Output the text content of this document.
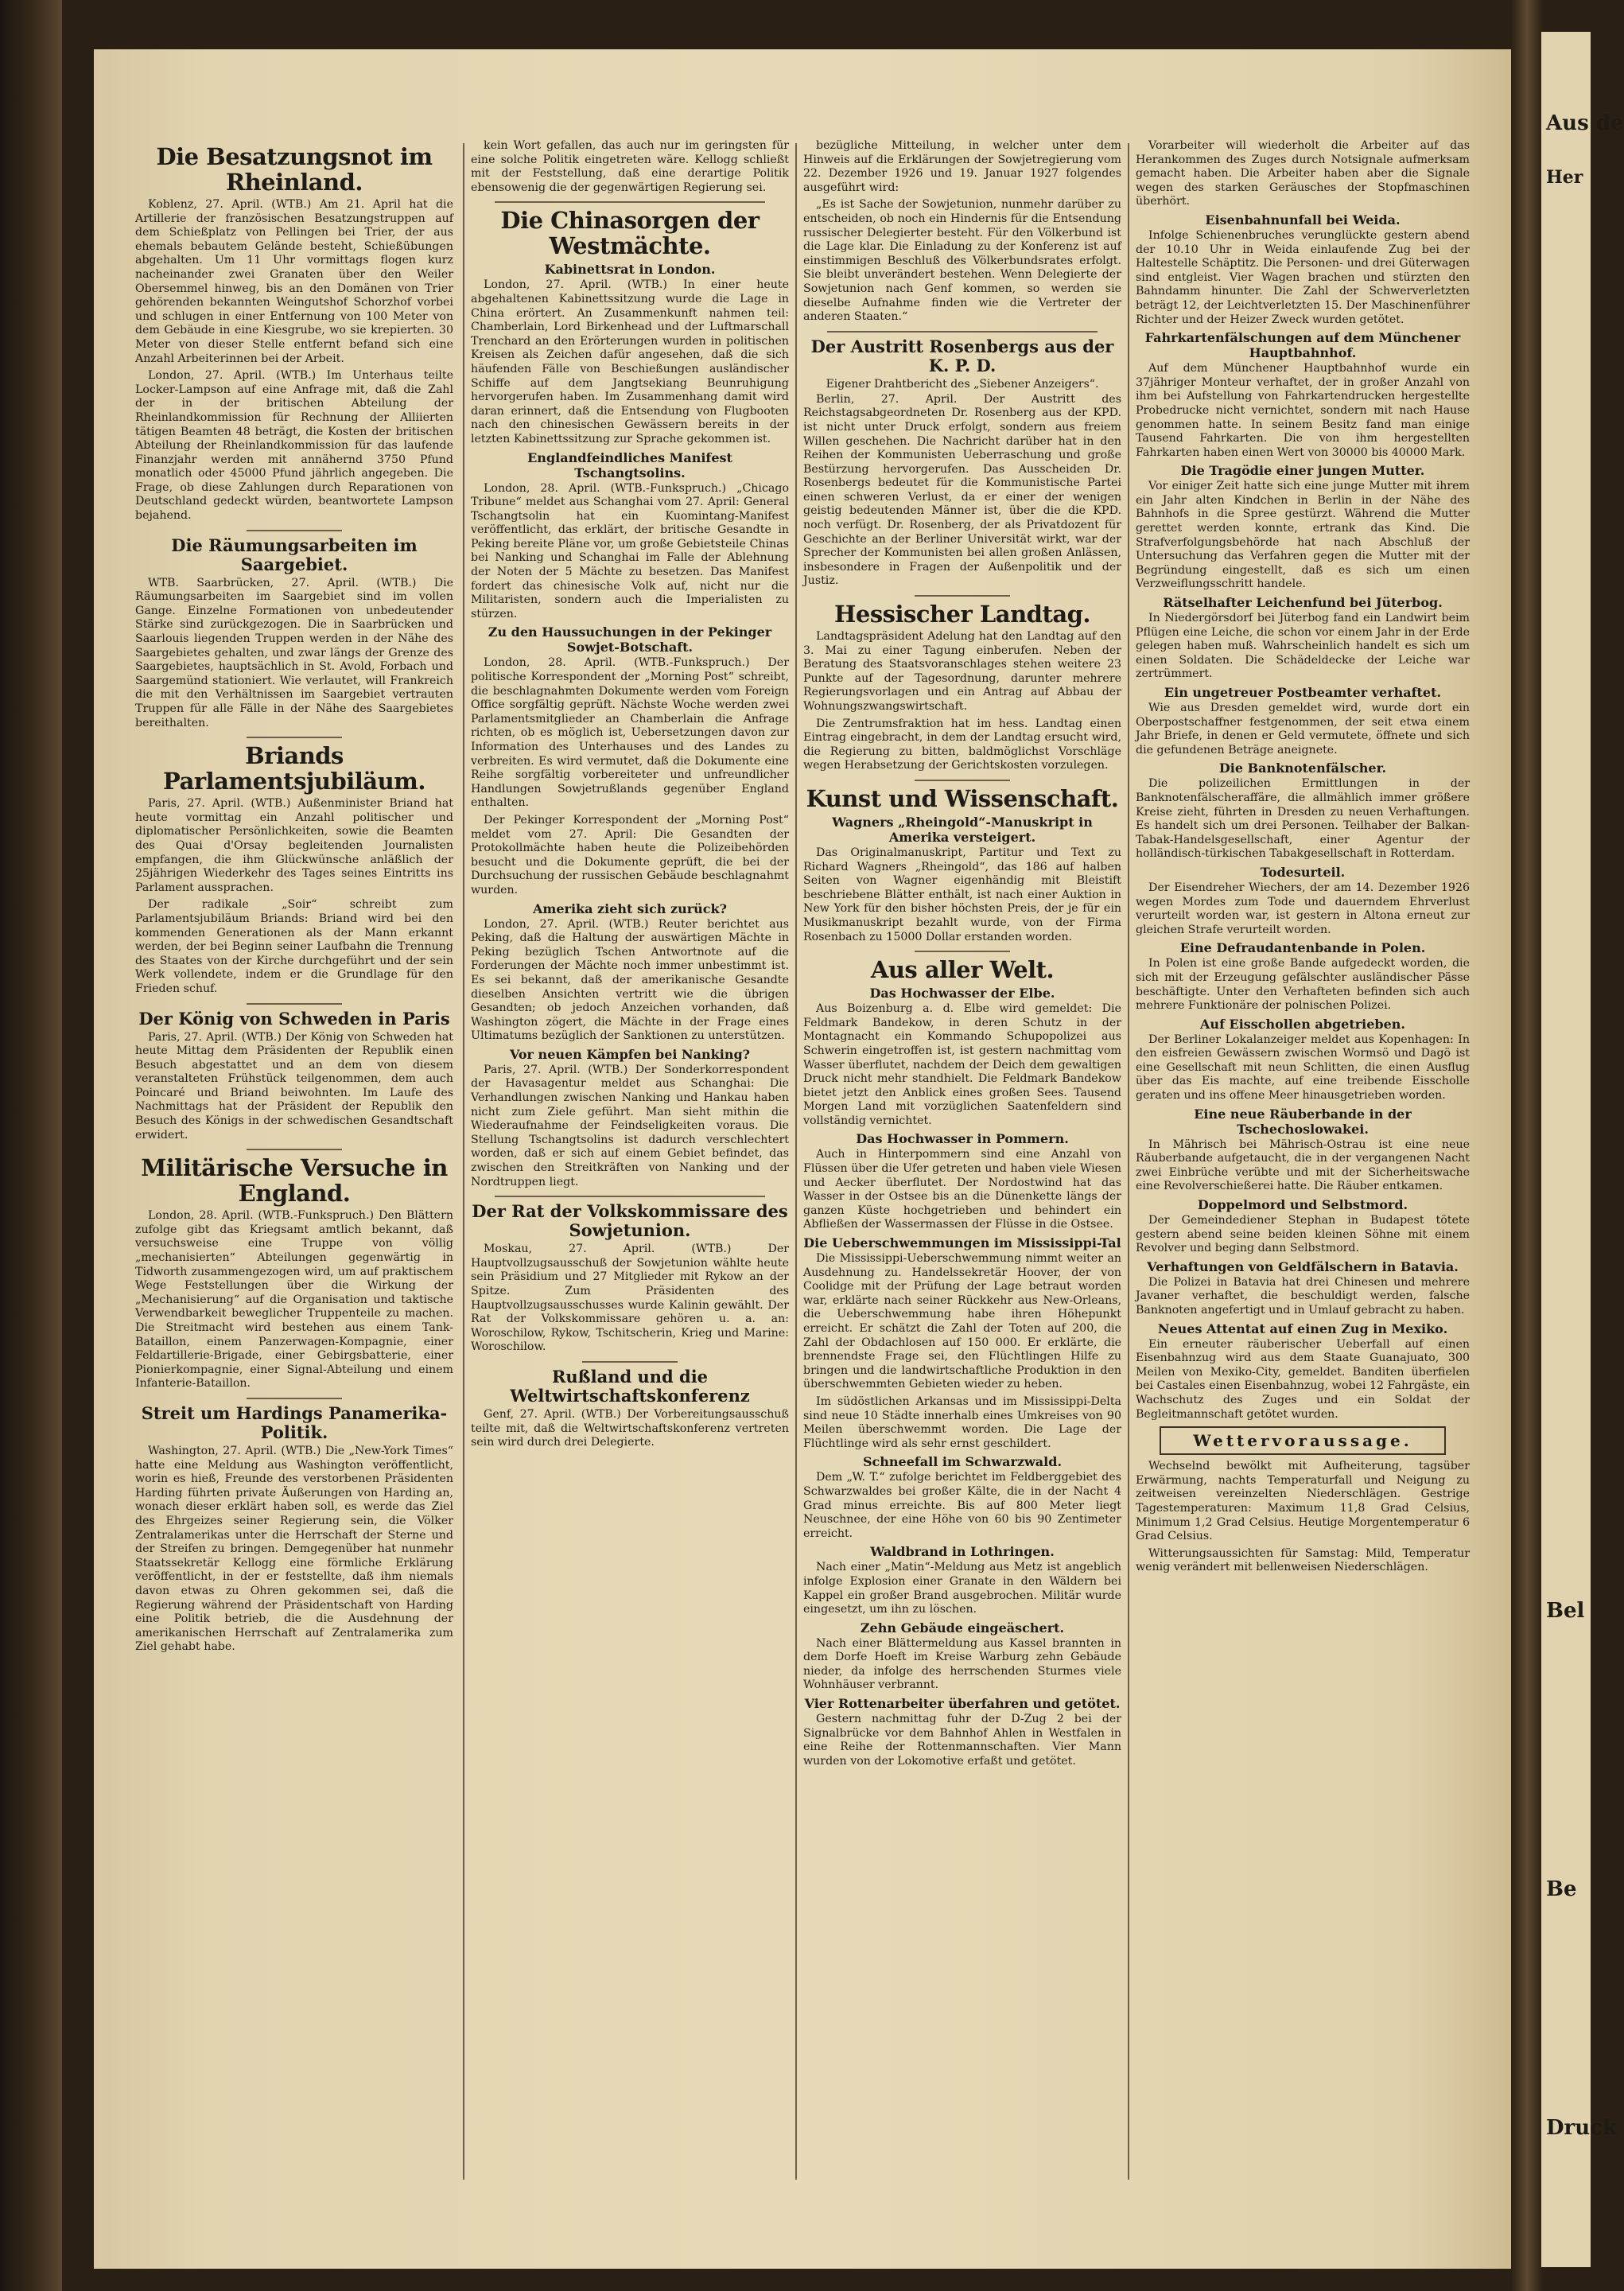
Aus de
Her
Bel
Be
Druck
Die Besatzungsnot im Rheinland.

Koblenz, 27. April. (WTB.) Am 21. April hat die Artillerie der französischen Besatzungstruppen auf dem Schießplatz von Pellingen bei Trier, der aus ehemals bebautem Gelände besteht, Schießübungen abgehalten. Um 11 Uhr vormittags flogen kurz nacheinander zwei Granaten über den Weiler Obersemmel hinweg, bis an den Domänen von Trier gehörenden bekannten Weingutshof Schorzhof vorbei und schlugen in einer Entfernung von 100 Meter von dem Gebäude in eine Kiesgrube, wo sie krepierten. 30 Meter von dieser Stelle entfernt befand sich eine Anzahl Arbeiterinnen bei der Arbeit.

London, 27. April. (WTB.) Im Unterhaus teilte Locker-Lampson auf eine Anfrage mit, daß die Zahl der in der britischen Abteilung der Rheinlandkommission für Rechnung der Alliierten tätigen Beamten 48 beträgt, die Kosten der britischen Abteilung der Rheinlandkommission für das laufende Finanzjahr werden mit annähernd 3750 Pfund monatlich oder 45000 Pfund jährlich angegeben. Die Frage, ob diese Zahlungen durch Reparationen von Deutschland gedeckt würden, beantwortete Lampson bejahend.

Die Räumungsarbeiten im Saargebiet.

WTB. Saarbrücken, 27. April. (WTB.) Die Räumungsarbeiten im Saargebiet sind im vollen Gange. Einzelne Formationen von unbedeutender Stärke sind zurückgezogen. Die in Saarbrücken und Saarlouis liegenden Truppen werden in der Nähe des Saargebietes gehalten, und zwar längs der Grenze des Saargebietes, hauptsächlich in St. Avold, Forbach und Saargemünd stationiert. Wie verlautet, will Frankreich die mit den Verhältnissen im Saargebiet vertrauten Truppen für alle Fälle in der Nähe des Saargebietes bereithalten.

Briands Parlamentsjubiläum.

Paris, 27. April. (WTB.) Außenminister Briand hat heute vormittag ein Anzahl politischer und diplomatischer Persönlichkeiten, sowie die Beamten des Quai d'Orsay begleitenden Journalisten empfangen, die ihm Glückwünsche anläßlich der 25jährigen Wiederkehr des Tages seines Eintritts ins Parlament aussprachen.

Der radikale „Soir“ schreibt zum Parlamentsjubiläum Briands: Briand wird bei den kommenden Generationen als der Mann erkannt werden, der bei Beginn seiner Laufbahn die Trennung des Staates von der Kirche durchgeführt und der sein Werk vollendete, indem er die Grundlage für den Frieden schuf.

Der König von Schweden in Paris

Paris, 27. April. (WTB.) Der König von Schweden hat heute Mittag dem Präsidenten der Republik einen Besuch abgestattet und an dem von diesem veranstalteten Frühstück teilgenommen, dem auch Poincaré und Briand beiwohnten. Im Laufe des Nachmittags hat der Präsident der Republik den Besuch des Königs in der schwedischen Gesandtschaft erwidert.

Militärische Versuche in England.

London, 28. April. (WTB.-Funkspruch.) Den Blättern zufolge gibt das Kriegsamt amtlich bekannt, daß versuchsweise eine Truppe von völlig „mechanisierten“ Abteilungen gegenwärtig in Tidworth zusammengezogen wird, um auf praktischem Wege Feststellungen über die Wirkung der „Mechanisierung“ auf die Organisation und taktische Verwendbarkeit beweglicher Truppenteile zu machen. Die Streitmacht wird bestehen aus einem Tank-Bataillon, einem Panzerwagen-Kompagnie, einer Feldartillerie-Brigade, einer Gebirgsbatterie, einer Pionierkompagnie, einer Signal-Abteilung und einem Infanterie-Bataillon.

Streit um Hardings Panamerika-Politik.

Washington, 27. April. (WTB.) Die „New-York Times“ hatte eine Meldung aus Washington veröffentlicht, worin es hieß, Freunde des verstorbenen Präsidenten Harding führten private Äußerungen von Harding an, wonach dieser erklärt haben soll, es werde das Ziel des Ehrgeizes seiner Regierung sein, die Völker Zentralamerikas unter die Herrschaft der Sterne und der Streifen zu bringen. Demgegenüber hat nunmehr Staatssekretär Kellogg eine förmliche Erklärung veröffentlicht, in der er feststellte, daß ihm niemals davon etwas zu Ohren gekommen sei, daß die Regierung während der Präsidentschaft von Harding eine Politik betrieb, die die Ausdehnung der amerikanischen Herrschaft auf Zentralamerika zum Ziel gehabt habe.

kein Wort gefallen, das auch nur im geringsten für eine solche Politik eingetreten wäre. Kellogg schließt mit der Feststellung, daß eine derartige Politik ebensowenig die der gegenwärtigen Regierung sei.

Die Chinasorgen der Westmächte.
Kabinettsrat in London.

London, 27. April. (WTB.) In einer heute abgehaltenen Kabinettssitzung wurde die Lage in China erörtert. An Zusammenkunft nahmen teil: Chamberlain, Lord Birkenhead und der Luftmarschall Trenchard an den Erörterungen wurden in politischen Kreisen als Zeichen dafür angesehen, daß die sich häufenden Fälle von Beschießungen ausländischer Schiffe auf dem Jangtsekiang Beunruhigung hervorgerufen haben. Im Zusammenhang damit wird daran erinnert, daß die Entsendung von Flugbooten nach den chinesischen Gewässern bereits in der letzten Kabinettssitzung zur Sprache gekommen ist.

Englandfeindliches Manifest Tschangtsolins.

London, 28. April. (WTB.-Funkspruch.) „Chicago Tribune“ meldet aus Schanghai vom 27. April: General Tschangtsolin hat ein Kuomintang-Manifest veröffentlicht, das erklärt, der britische Gesandte in Peking bereite Pläne vor, um große Gebietsteile Chinas bei Nanking und Schanghai im Falle der Ablehnung der Noten der 5 Mächte zu besetzen. Das Manifest fordert das chinesische Volk auf, nicht nur die Militaristen, sondern auch die Imperialisten zu stürzen.

Zu den Haussuchungen in der Pekinger Sowjet-Botschaft.

London, 28. April. (WTB.-Funkspruch.) Der politische Korrespondent der „Morning Post“ schreibt, die beschlagnahmten Dokumente werden vom Foreign Office sorgfältig geprüft. Nächste Woche werden zwei Parlamentsmitglieder an Chamberlain die Anfrage richten, ob es möglich ist, Uebersetzungen davon zur Information des Unterhauses und des Landes zu verbreiten. Es wird vermutet, daß die Dokumente eine Reihe sorgfältig vorbereiteter und unfreundlicher Handlungen Sowjetrußlands gegenüber England enthalten.

Der Pekinger Korrespondent der „Morning Post“ meldet vom 27. April: Die Gesandten der Protokollmächte haben heute die Polizeibehörden besucht und die Dokumente geprüft, die bei der Durchsuchung der russischen Gebäude beschlagnahmt wurden.

Amerika zieht sich zurück?

London, 27. April. (WTB.) Reuter berichtet aus Peking, daß die Haltung der auswärtigen Mächte in Peking bezüglich Tschen Antwortnote auf die Forderungen der Mächte noch immer unbestimmt ist. Es sei bekannt, daß der amerikanische Gesandte dieselben Ansichten vertritt wie die übrigen Gesandten; ob jedoch Anzeichen vorhanden, daß Washington zögert, die Mächte in der Frage eines Ultimatums bezüglich der Sanktionen zu unterstützen.

Vor neuen Kämpfen bei Nanking?

Paris, 27. April. (WTB.) Der Sonderkorrespondent der Havasagentur meldet aus Schanghai: Die Verhandlungen zwischen Nanking und Hankau haben nicht zum Ziele geführt. Man sieht mithin die Wiederaufnahme der Feindseligkeiten voraus. Die Stellung Tschangtsolins ist dadurch verschlechtert worden, daß er sich auf einem Gebiet befindet, das zwischen den Streitkräften von Nanking und der Nordtruppen liegt.

Der Rat der Volkskommissare des Sowjetunion.

Moskau, 27. April. (WTB.) Der Hauptvollzugsausschuß der Sowjetunion wählte heute sein Präsidium und 27 Mitglieder mit Rykow an der Spitze. Zum Präsidenten des Hauptvollzugsausschusses wurde Kalinin gewählt. Der Rat der Volkskommissare gehören u. a. an: Woroschilow, Rykow, Tschitscherin, Krieg und Marine: Woroschilow.

Rußland und die Weltwirtschaftskonferenz

Genf, 27. April. (WTB.) Der Vorbereitungsausschuß teilte mit, daß die Weltwirtschaftskonferenz vertreten sein wird durch drei Delegierte.

bezügliche Mitteilung, in welcher unter dem Hinweis auf die Erklärungen der Sowjetregierung vom 22. Dezember 1926 und 19. Januar 1927 folgendes ausgeführt wird:

„Es ist Sache der Sowjetunion, nunmehr darüber zu entscheiden, ob noch ein Hindernis für die Entsendung russischer Delegierter besteht. Für den Völkerbund ist die Lage klar. Die Einladung zu der Konferenz ist auf einstimmigen Beschluß des Völkerbundsrates erfolgt. Sie bleibt unverändert bestehen. Wenn Delegierte der Sowjetunion nach Genf kommen, so werden sie dieselbe Aufnahme finden wie die Vertreter der anderen Staaten.“

Der Austritt Rosenbergs aus der K. P. D.
Eigener Drahtbericht des „Siebener Anzeigers“.

Berlin, 27. April. Der Austritt des Reichstagsabgeordneten Dr. Rosenberg aus der KPD. ist nicht unter Druck erfolgt, sondern aus freiem Willen geschehen. Die Nachricht darüber hat in den Reihen der Kommunisten Ueberraschung und große Bestürzung hervorgerufen. Das Ausscheiden Dr. Rosenbergs bedeutet für die Kommunistische Partei einen schweren Verlust, da er einer der wenigen geistig bedeutenden Männer ist, über die die KPD. noch verfügt. Dr. Rosenberg, der als Privatdozent für Geschichte an der Berliner Universität wirkt, war der Sprecher der Kommunisten bei allen großen Anlässen, insbesondere in Fragen der Außenpolitik und der Justiz.

Hessischer Landtag.

Landtagspräsident Adelung hat den Landtag auf den 3. Mai zu einer Tagung einberufen. Neben der Beratung des Staatsvoranschlages stehen weitere 23 Punkte auf der Tagesordnung, darunter mehrere Regierungsvorlagen und ein Antrag auf Abbau der Wohnungszwangswirtschaft.

Die Zentrumsfraktion hat im hess. Landtag einen Eintrag eingebracht, in dem der Landtag ersucht wird, die Regierung zu bitten, baldmöglichst Vorschläge wegen Herabsetzung der Gerichtskosten vorzulegen.

Kunst und Wissenschaft.
Wagners „Rheingold“-Manuskript in Amerika versteigert.

Das Originalmanuskript, Partitur und Text zu Richard Wagners „Rheingold“, das 186 auf halben Seiten von Wagner eigenhändig mit Bleistift beschriebene Blätter enthält, ist nach einer Auktion in New York für den bisher höchsten Preis, der je für ein Musikmanuskript bezahlt wurde, von der Firma Rosenbach zu 15000 Dollar erstanden worden.

Aus aller Welt.
Das Hochwasser der Elbe.

Aus Boizenburg a. d. Elbe wird gemeldet: Die Feldmark Bandekow, in deren Schutz in der Montagnacht ein Kommando Schupopolizei aus Schwerin eingetroffen ist, ist gestern nachmittag vom Wasser überflutet, nachdem der Deich dem gewaltigen Druck nicht mehr standhielt. Die Feldmark Bandekow bietet jetzt den Anblick eines großen Sees. Tausend Morgen Land mit vorzüglichen Saatenfeldern sind vollständig vernichtet.

Das Hochwasser in Pommern.

Auch in Hinterpommern sind eine Anzahl von Flüssen über die Ufer getreten und haben viele Wiesen und Aecker überflutet. Der Nordostwind hat das Wasser in der Ostsee bis an die Dünenkette längs der ganzen Küste hochgetrieben und behindert ein Abfließen der Wassermassen der Flüsse in die Ostsee.

Die Ueberschwemmungen im Mississippi-Tal

Die Mississippi-Ueberschwemmung nimmt weiter an Ausdehnung zu. Handelssekretär Hoover, der von Coolidge mit der Prüfung der Lage betraut worden war, erklärte nach seiner Rückkehr aus New-Orleans, die Ueberschwemmung habe ihren Höhepunkt erreicht. Er schätzt die Zahl der Toten auf 200, die Zahl der Obdachlosen auf 150 000. Er erklärte, die brennendste Frage sei, den Flüchtlingen Hilfe zu bringen und die landwirtschaftliche Produktion in den überschwemmten Gebieten wieder zu heben.

Im südöstlichen Arkansas und im Mississippi-Delta sind neue 10 Städte innerhalb eines Umkreises von 90 Meilen überschwemmt worden. Die Lage der Flüchtlinge wird als sehr ernst geschildert.

Schneefall im Schwarzwald.

Dem „W. T.“ zufolge berichtet im Feldberggebiet des Schwarzwaldes bei großer Kälte, die in der Nacht 4 Grad minus erreichte. Bis auf 800 Meter liegt Neuschnee, der eine Höhe von 60 bis 90 Zentimeter erreicht.

Waldbrand in Lothringen.

Nach einer „Matin“-Meldung aus Metz ist angeblich infolge Explosion einer Granate in den Wäldern bei Kappel ein großer Brand ausgebrochen. Militär wurde eingesetzt, um ihn zu löschen.

Zehn Gebäude eingeäschert.

Nach einer Blättermeldung aus Kassel brannten in dem Dorfe Hoeft im Kreise Warburg zehn Gebäude nieder, da infolge des herrschenden Sturmes viele Wohnhäuser verbrannt.

Vier Rottenarbeiter überfahren und getötet.

Gestern nachmittag fuhr der D-Zug 2 bei der Signalbrücke vor dem Bahnhof Ahlen in Westfalen in eine Reihe der Rottenmannschaften. Vier Mann wurden von der Lokomotive erfaßt und getötet.

Vorarbeiter will wiederholt die Arbeiter auf das Herankommen des Zuges durch Notsignale aufmerksam gemacht haben. Die Arbeiter haben aber die Signale wegen des starken Geräusches der Stopfmaschinen überhört.

Eisenbahnunfall bei Weida.

Infolge Schienenbruches verunglückte gestern abend der 10.10 Uhr in Weida einlaufende Zug bei der Haltestelle Schäptitz. Die Personen- und drei Güterwagen sind entgleist. Vier Wagen brachen und stürzten den Bahndamm hinunter. Die Zahl der Schwerverletzten beträgt 12, der Leichtverletzten 15. Der Maschinenführer Richter und der Heizer Zweck wurden getötet.

Fahrkartenfälschungen auf dem Münchener Hauptbahnhof.

Auf dem Münchener Hauptbahnhof wurde ein 37jähriger Monteur verhaftet, der in großer Anzahl von ihm bei Aufstellung von Fahrkartendrucken hergestellte Probedrucke nicht vernichtet, sondern mit nach Hause genommen hatte. In seinem Besitz fand man einige Tausend Fahrkarten. Die von ihm hergestellten Fahrkarten haben einen Wert von 30000 bis 40000 Mark.

Die Tragödie einer jungen Mutter.

Vor einiger Zeit hatte sich eine junge Mutter mit ihrem ein Jahr alten Kindchen in Berlin in der Nähe des Bahnhofs in die Spree gestürzt. Während die Mutter gerettet werden konnte, ertrank das Kind. Die Strafverfolgungsbehörde hat nach Abschluß der Untersuchung das Verfahren gegen die Mutter mit der Begründung eingestellt, daß es sich um einen Verzweiflungsschritt handele.

Rätselhafter Leichenfund bei Jüterbog.

In Niedergörsdorf bei Jüterbog fand ein Landwirt beim Pflügen eine Leiche, die schon vor einem Jahr in der Erde gelegen haben muß. Wahrscheinlich handelt es sich um einen Soldaten. Die Schädeldecke der Leiche war zertrümmert.

Ein ungetreuer Postbeamter verhaftet.

Wie aus Dresden gemeldet wird, wurde dort ein Oberpostschaffner festgenommen, der seit etwa einem Jahr Briefe, in denen er Geld vermutete, öffnete und sich die gefundenen Beträge aneignete.

Die Banknotenfälscher.

Die polizeilichen Ermittlungen in der Banknotenfälscheraffäre, die allmählich immer größere Kreise zieht, führten in Dresden zu neuen Verhaftungen. Es handelt sich um drei Personen. Teilhaber der Balkan-Tabak-Handelsgesellschaft, einer Agentur der holländisch-türkischen Tabakgesellschaft in Rotterdam.

Todesurteil.

Der Eisendreher Wiechers, der am 14. Dezember 1926 wegen Mordes zum Tode und dauerndem Ehrverlust verurteilt worden war, ist gestern in Altona erneut zur gleichen Strafe verurteilt worden.

Eine Defraudantenbande in Polen.

In Polen ist eine große Bande aufgedeckt worden, die sich mit der Erzeugung gefälschter ausländischer Pässe beschäftigte. Unter den Verhafteten befinden sich auch mehrere Funktionäre der polnischen Polizei.

Auf Eisschollen abgetrieben.

Der Berliner Lokalanzeiger meldet aus Kopenhagen: In den eisfreien Gewässern zwischen Wormsö und Dagö ist eine Gesellschaft mit neun Schlitten, die einen Ausflug über das Eis machte, auf eine treibende Eisscholle geraten und ins offene Meer hinausgetrieben worden.

Eine neue Räuberbande in der Tschechoslowakei.

In Mährisch bei Mährisch-Ostrau ist eine neue Räuberbande aufgetaucht, die in der vergangenen Nacht zwei Einbrüche verübte und mit der Sicherheitswache eine Revolverschießerei hatte. Die Räuber entkamen.

Doppelmord und Selbstmord.

Der Gemeindediener Stephan in Budapest tötete gestern abend seine beiden kleinen Söhne mit einem Revolver und beging dann Selbstmord.

Verhaftungen von Geldfälschern in Batavia.

Die Polizei in Batavia hat drei Chinesen und mehrere Javaner verhaftet, die beschuldigt werden, falsche Banknoten angefertigt und in Umlauf gebracht zu haben.

Neues Attentat auf einen Zug in Mexiko.

Ein erneuter räuberischer Ueberfall auf einen Eisenbahnzug wird aus dem Staate Guanajuato, 300 Meilen von Mexiko-City, gemeldet. Banditen überfielen bei Castales einen Eisenbahnzug, wobei 12 Fahrgäste, ein Wachschutz des Zuges und ein Soldat der Begleitmannschaft getötet wurden.

Wettervoraussage.

Wechselnd bewölkt mit Aufheiterung, tagsüber Erwärmung, nachts Temperaturfall und Neigung zu zeitweisen vereinzelten Niederschlägen. Gestrige Tagestemperaturen: Maximum 11,8 Grad Celsius, Minimum 1,2 Grad Celsius. Heutige Morgentemperatur 6 Grad Celsius.

Witterungsaussichten für Samstag: Mild, Temperatur wenig verändert mit bellenweisen Niederschlägen.
